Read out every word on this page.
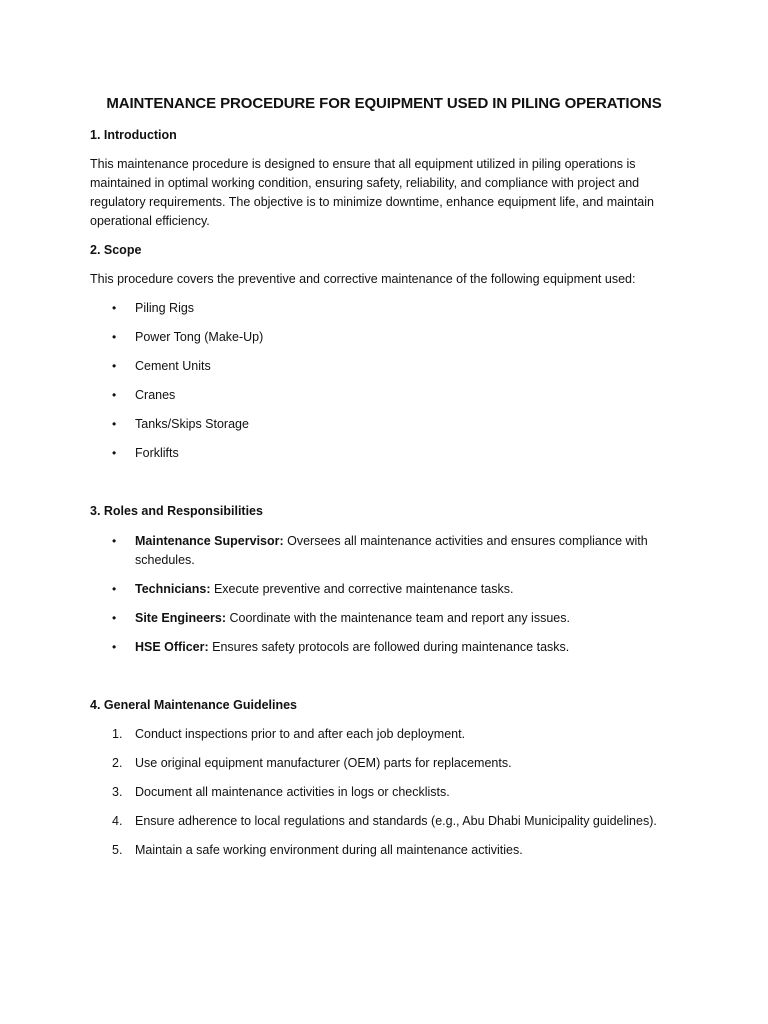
MAINTENANCE PROCEDURE FOR EQUIPMENT USED IN PILING OPERATIONS
1. Introduction

This maintenance procedure is designed to ensure that all equipment utilized in piling operations is maintained in optimal working condition, ensuring safety, reliability, and compliance with project and regulatory requirements. The objective is to minimize downtime, enhance equipment life, and maintain operational efficiency.

2. Scope

This procedure covers the preventive and corrective maintenance of the following equipment used:

• Piling Rigs
• Power Tong (Make-Up)
• Cement Units
• Cranes
• Tanks/Skips Storage
• Forklifts
3. Roles and Responsibilities
• Maintenance Supervisor: Oversees all maintenance activities and ensures compliance with schedules.
• Technicians: Execute preventive and corrective maintenance tasks.
• Site Engineers: Coordinate with the maintenance team and report any issues.
• HSE Officer: Ensures safety protocols are followed during maintenance tasks.
4. General Maintenance Guidelines
1. Conduct inspections prior to and after each job deployment.
2. Use original equipment manufacturer (OEM) parts for replacements.
3. Document all maintenance activities in logs or checklists.
4. Ensure adherence to local regulations and standards (e.g., Abu Dhabi Municipality guidelines).
5. Maintain a safe working environment during all maintenance activities.
